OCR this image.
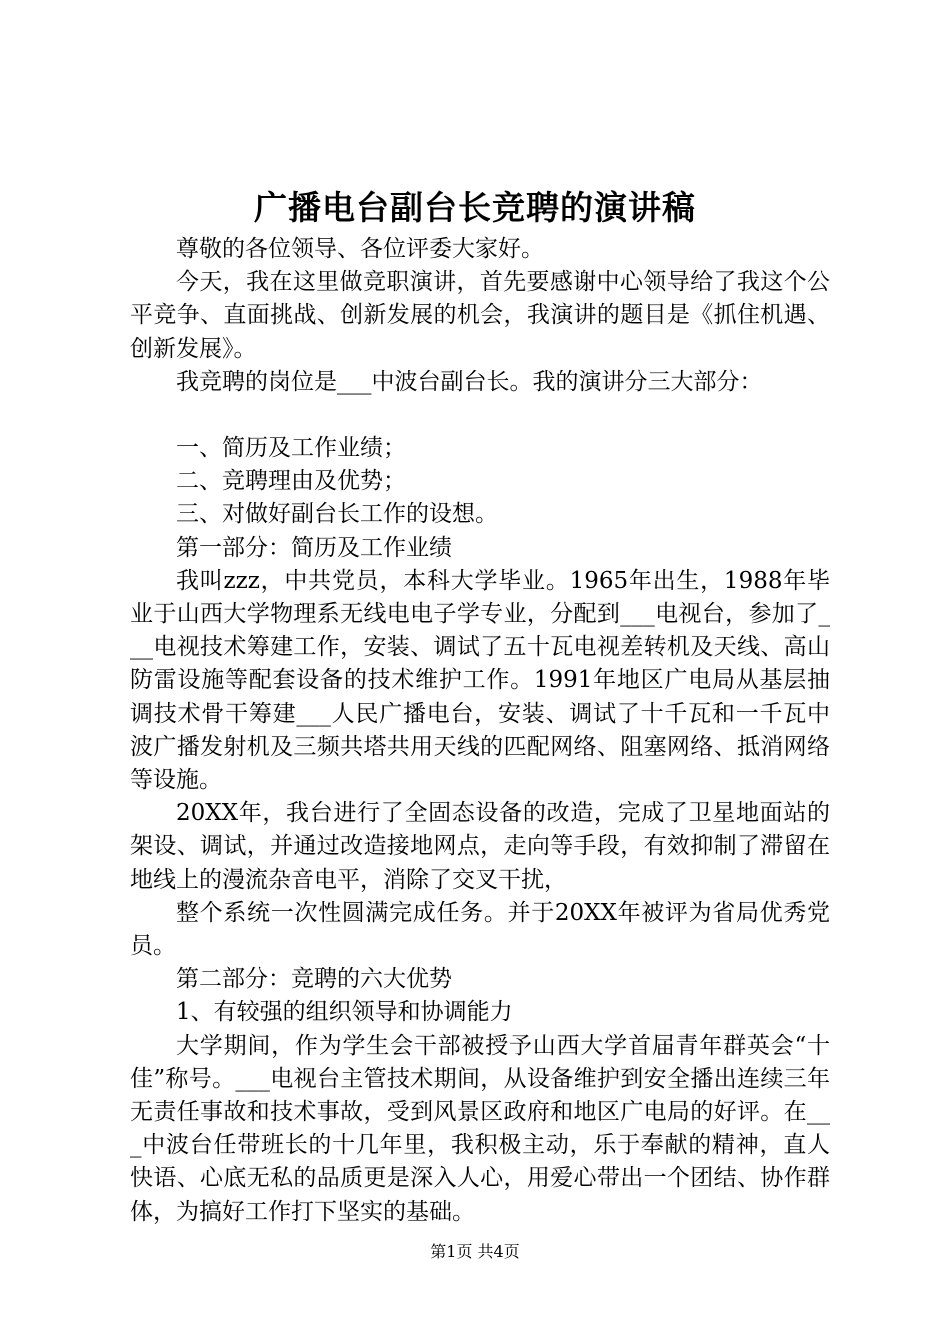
广播电台副台长竞聘的演讲稿

尊敬的各位领导、各位评委大家好。

今天，我在这里做竞职演讲，首先要感谢中心领导给了我这个公平竞争、直面挑战、创新发展的机会，我演讲的题目是《抓住机遇、创新发展》。

我竞聘的岗位是___中波台副台长。我的演讲分三大部分：

一、简历及工作业绩；

二、竞聘理由及优势；

三、对做好副台长工作的设想。

第一部分：简历及工作业绩

我叫zzz，中共党员，本科大学毕业。1965年出生，1988年毕业于山西大学物理系无线电电子学专业，分配到___电视台，参加了___电视技术筹建工作，安装、调试了五十瓦电视差转机及天线、高山防雷设施等配套设备的技术维护工作。1991年地区广电局从基层抽调技术骨干筹建___人民广播电台，安装、调试了十千瓦和一千瓦中波广播发射机及三频共塔共用天线的匹配网络、阻塞网络、抵消网络等设施。

20XX年，我台进行了全固态设备的改造，完成了卫星地面站的架设、调试，并通过改造接地网点，走向等手段，有效抑制了滞留在地线上的漫流杂音电平，消除了交叉干扰，

整个系统一次性圆满完成任务。并于20XX年被评为省局优秀党员。

第二部分：竞聘的六大优势

1、有较强的组织领导和协调能力

大学期间，作为学生会干部被授予山西大学首届青年群英会“十佳”称号。___电视台主管技术期间，从设备维护到安全播出连续三年无责任事故和技术事故，受到风景区政府和地区广电局的好评。在___中波台任带班长的十几年里，我积极主动，乐于奉献的精神，直人快语、心底无私的品质更是深入人心，用爱心带出一个团结、协作群体，为搞好工作打下坚实的基础。

第1页 共4页
